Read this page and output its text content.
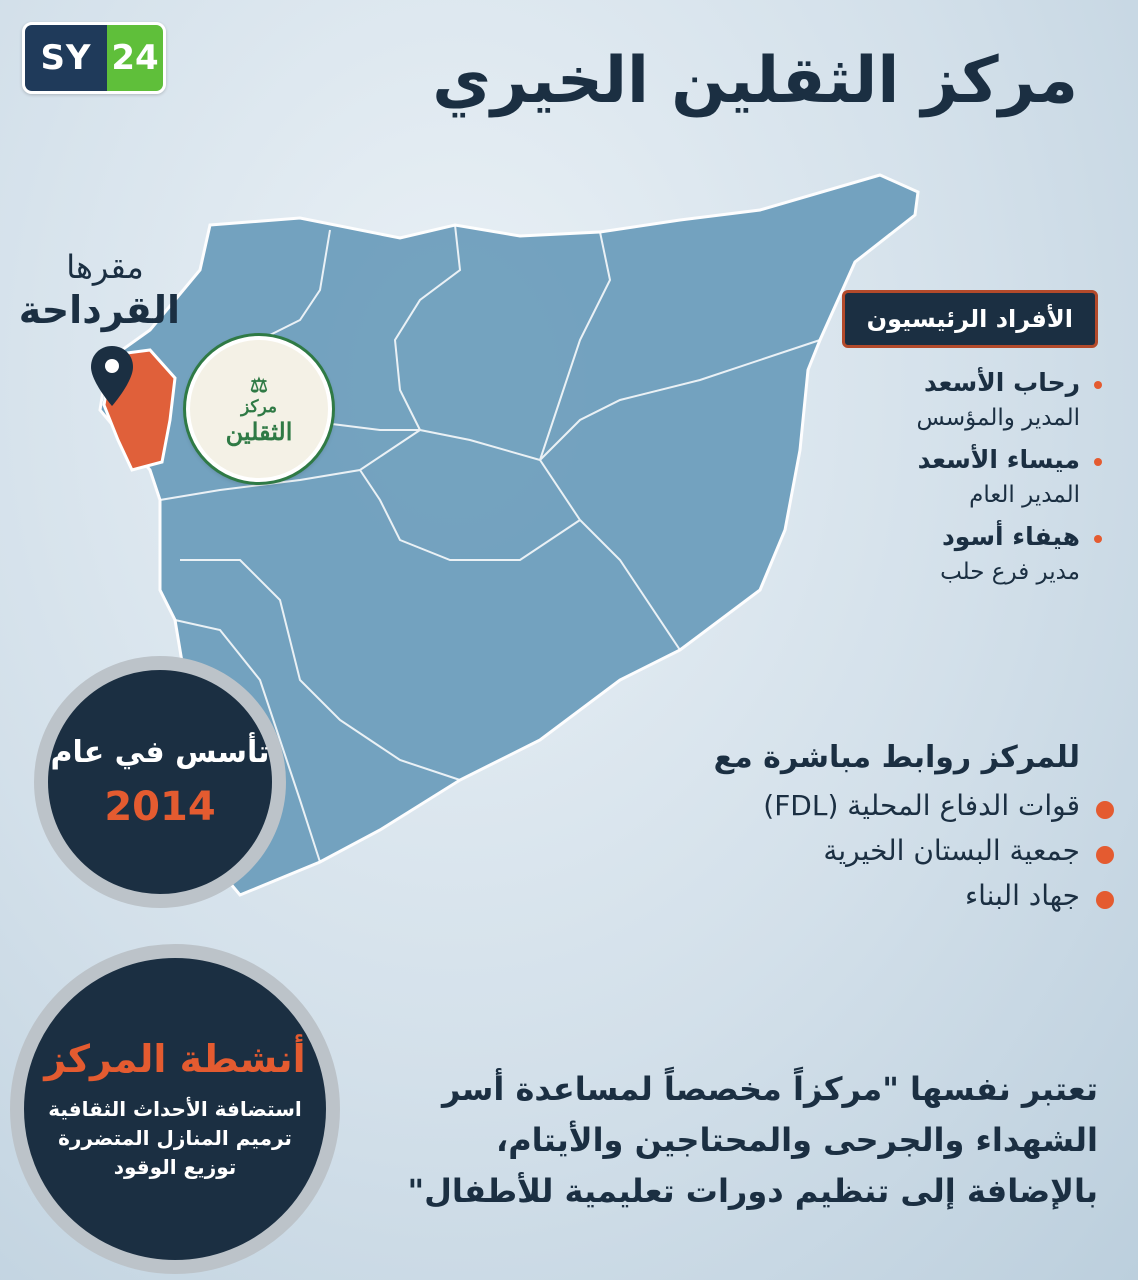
SY 24	مركز الثقلين الخيري
مقرها
القرداحة
⚖
مركز
الثقلين
الأفراد الرئيسيون
رحاب الأسعد
المدير والمؤسس
ميساء الأسعد
المدير العام
هيفاء أسود
مدير فرع حلب
تأسس في عام
2014
للمركز روابط مباشرة مع
قوات الدفاع المحلية (FDL)
جمعية البستان الخيرية
جهاد البناء
أنشطة المركز
استضافة الأحداث الثقافية
ترميم المنازل المتضررة
توزيع الوقود
تعتبر نفسها "مركزاً مخصصاً لمساعدة أسر الشهداء والجرحى والمحتاجين والأيتام، بالإضافة إلى تنظيم دورات تعليمية للأطفال"
